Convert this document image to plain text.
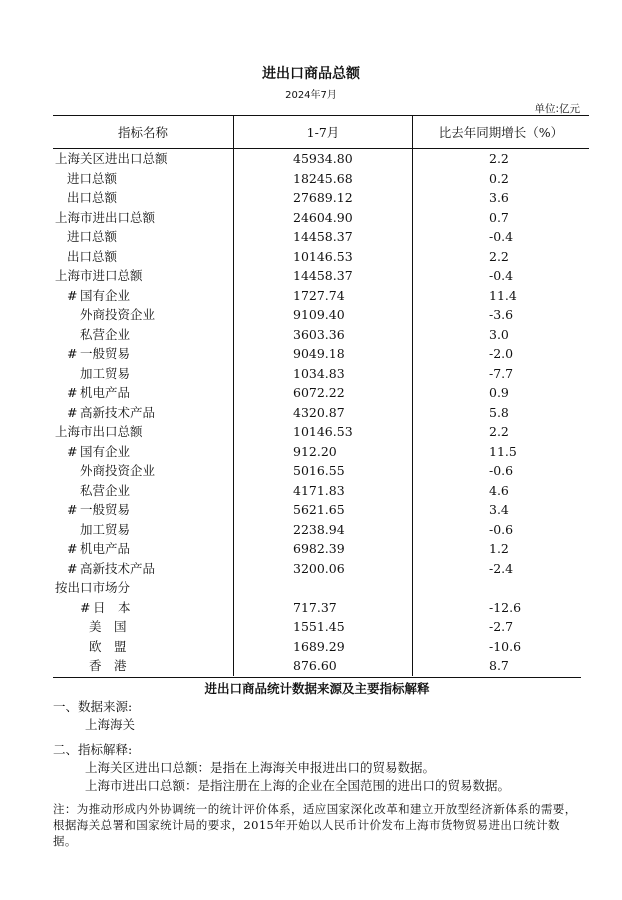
进出口商品总额
2024年7月
单位:亿元
指标名称	1-7月	比去年同期增长（%）
上海关区进出口总额	45934.80	2.2
进口总额	18245.68	0.2
出口总额	27689.12	3.6
上海市进出口总额	24604.90	0.7
进口总额	14458.37	-0.4
出口总额	10146.53	2.2
上海市进口总额	14458.37	-0.4
# 国有企业	1727.74	11.4
外商投资企业	9109.40	-3.6
私营企业	3603.36	3.0
# 一般贸易	9049.18	-2.0
加工贸易	1034.83	-7.7
# 机电产品	6072.22	0.9
# 高新技术产品	4320.87	5.8
上海市出口总额	10146.53	2.2
# 国有企业	912.20	11.5
外商投资企业	5016.55	-0.6
私营企业	4171.83	4.6
# 一般贸易	5621.65	3.4
加工贸易	2238.94	-0.6
# 机电产品	6982.39	1.2
# 高新技术产品	3200.06	-2.4
按出口市场分		
# 日　本	717.37	-12.6
美　国	1551.45	-2.7
欧　盟	1689.29	-10.6
香　港	876.60	8.7
进出口商品统计数据来源及主要指标解释
一、数据来源:
上海海关
二、指标解释:
上海关区进出口总额：是指在上海海关申报进出口的贸易数据。
上海市进出口总额：是指注册在上海的企业在全国范围的进出口的贸易数据。
注：为推动形成内外协调统一的统计评价体系，适应国家深化改革和建立开放型经济新体系的需要，根据海关总署和国家统计局的要求，2015年开始以人民币计价发布上海市货物贸易进出口统计数据。
